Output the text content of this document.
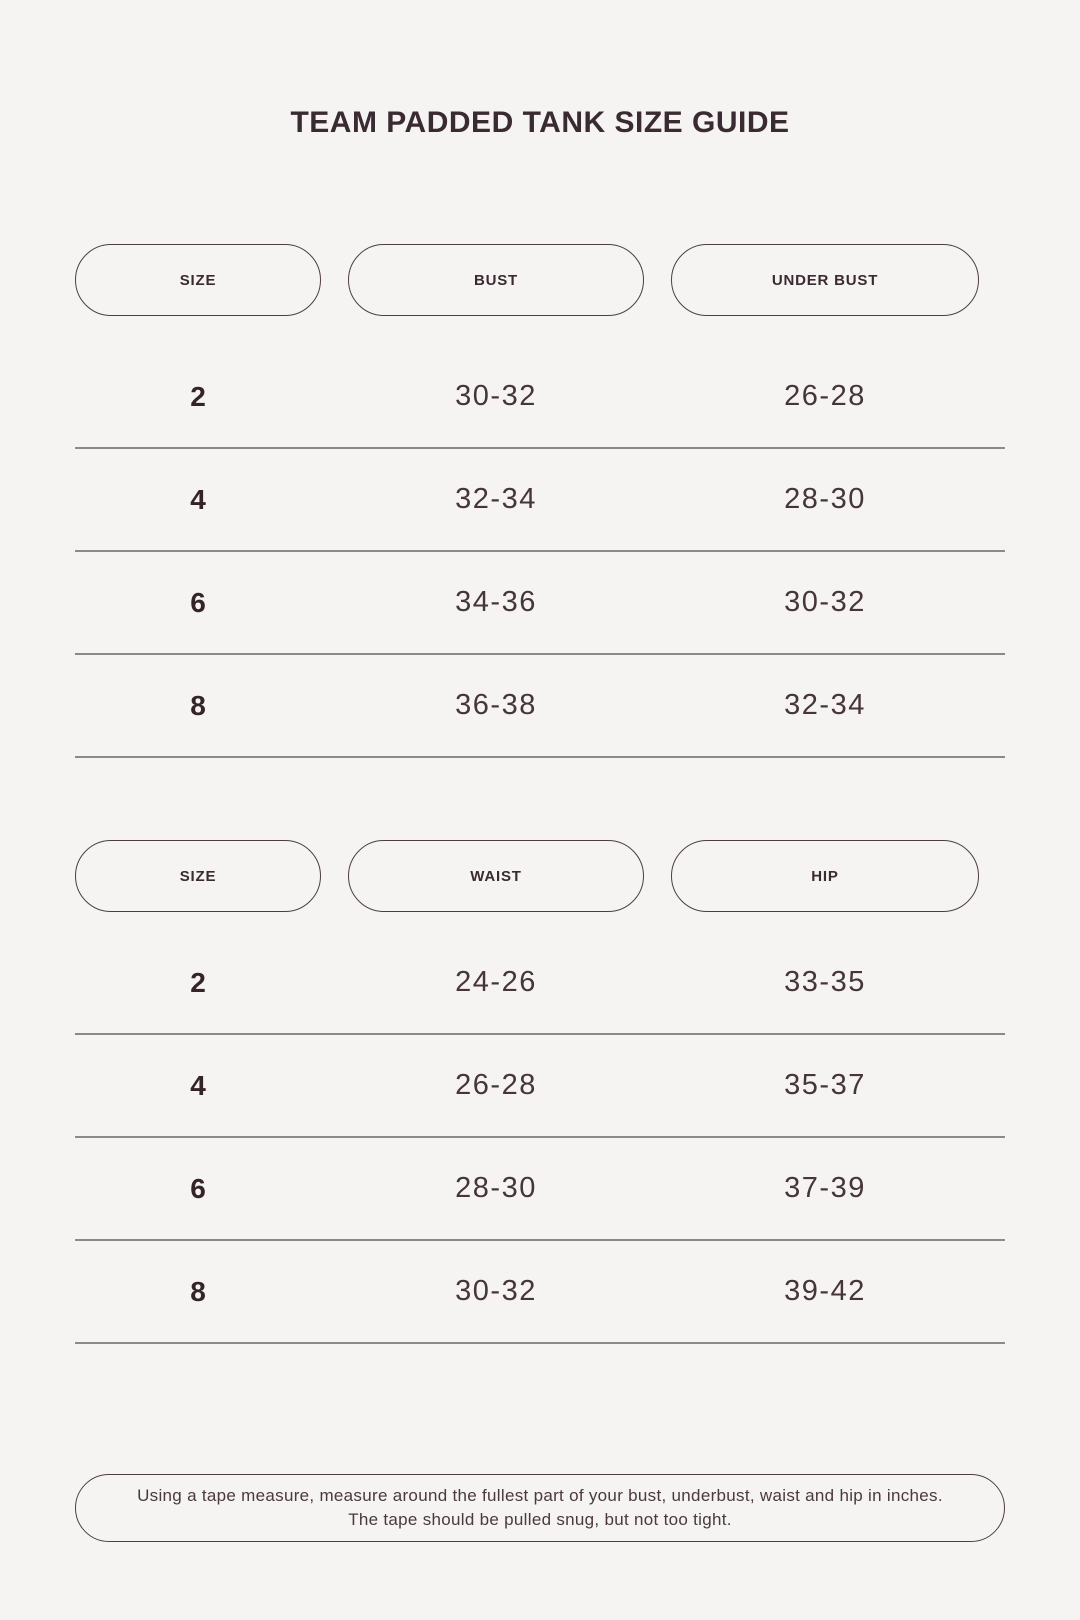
TEAM PADDED TANK SIZE GUIDE
SIZE	BUST	UNDER BUST
2	30-32	26-28
4	32-34	28-30
6	34-36	30-32
8	36-38	32-34
SIZE	WAIST	HIP
2	24-26	33-35
4	26-28	35-37
6	28-30	37-39
8	30-32	39-42
Using a tape measure, measure around the fullest part of your bust, underbust, waist and hip in inches.
The tape should be pulled snug, but not too tight.
